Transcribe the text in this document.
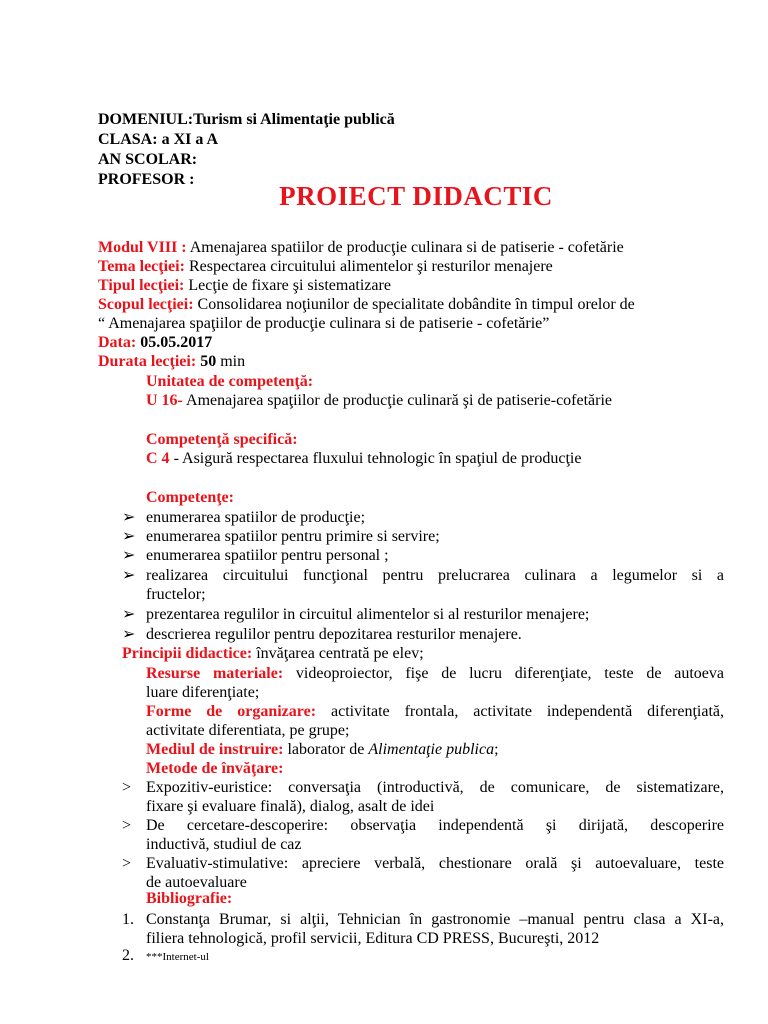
DOMENIUL:Turism si Alimentaţie publică
CLASA: a XI a A
AN SCOLAR:
PROFESOR :
PROIECT DIDACTIC
Modul VIII : Amenajarea spatiilor de producţie culinara si de patiserie - cofetărie
Tema lecţiei: Respectarea circuitului alimentelor şi resturilor menajere
Tipul lecţiei: Lecţie de fixare şi sistematizare
Scopul lecţiei: Consolidarea noţiunilor de specialitate dobândite în timpul orelor de
“ Amenajarea spaţiilor de producţie culinara si de patiserie - cofetărie”
Data: 05.05.2017
Durata lecţiei: 50 min
Unitatea de competenţă:
U 16- Amenajarea spaţiilor de producţie culinară şi de patiserie-cofetărie
Competenţă specifică:
C 4 - Asigură respectarea fluxului tehnologic în spaţiul de producţie
Competenţe:
➢ enumerarea spatiilor de producţie;
➢ enumerarea spatiilor pentru primire si servire;
➢ enumerarea spatiilor pentru personal ;
➢ realizarea circuitului funcţional pentru prelucrarea culinara a legumelor si a
fructelor;
➢ prezentarea regulilor in circuitul alimentelor si al resturilor menajere;
➢ descrierea regulilor pentru depozitarea resturilor menajere.
Principii didactice: învăţarea centrată pe elev;
Resurse materiale: videoproiector, fişe de lucru diferenţiate, teste de autoeva
luare diferenţiate;
Forme de organizare: activitate frontala, activitate independentă diferenţiată,
activitate diferentiata, pe grupe;
Mediul de instruire: laborator de Alimentaţie publica;
Metode de învăţare:
> Expozitiv-euristice: conversaţia (introductivă, de comunicare, de sistematizare,
fixare şi evaluare finală), dialog, asalt de idei
> De cercetare-descoperire: observaţia independentă şi dirijată, descoperire
inductivă, studiul de caz
> Evaluativ-stimulative: apreciere verbală, chestionare orală şi autoevaluare, teste
de autoevaluare
Bibliografie:
1. Constanţa Brumar, si alţii, Tehnician în gastronomie –manual pentru clasa a XI-a,
filiera tehnologică, profil servicii, Editura CD PRESS, Bucureşti, 2012
2. ***Internet-ul
